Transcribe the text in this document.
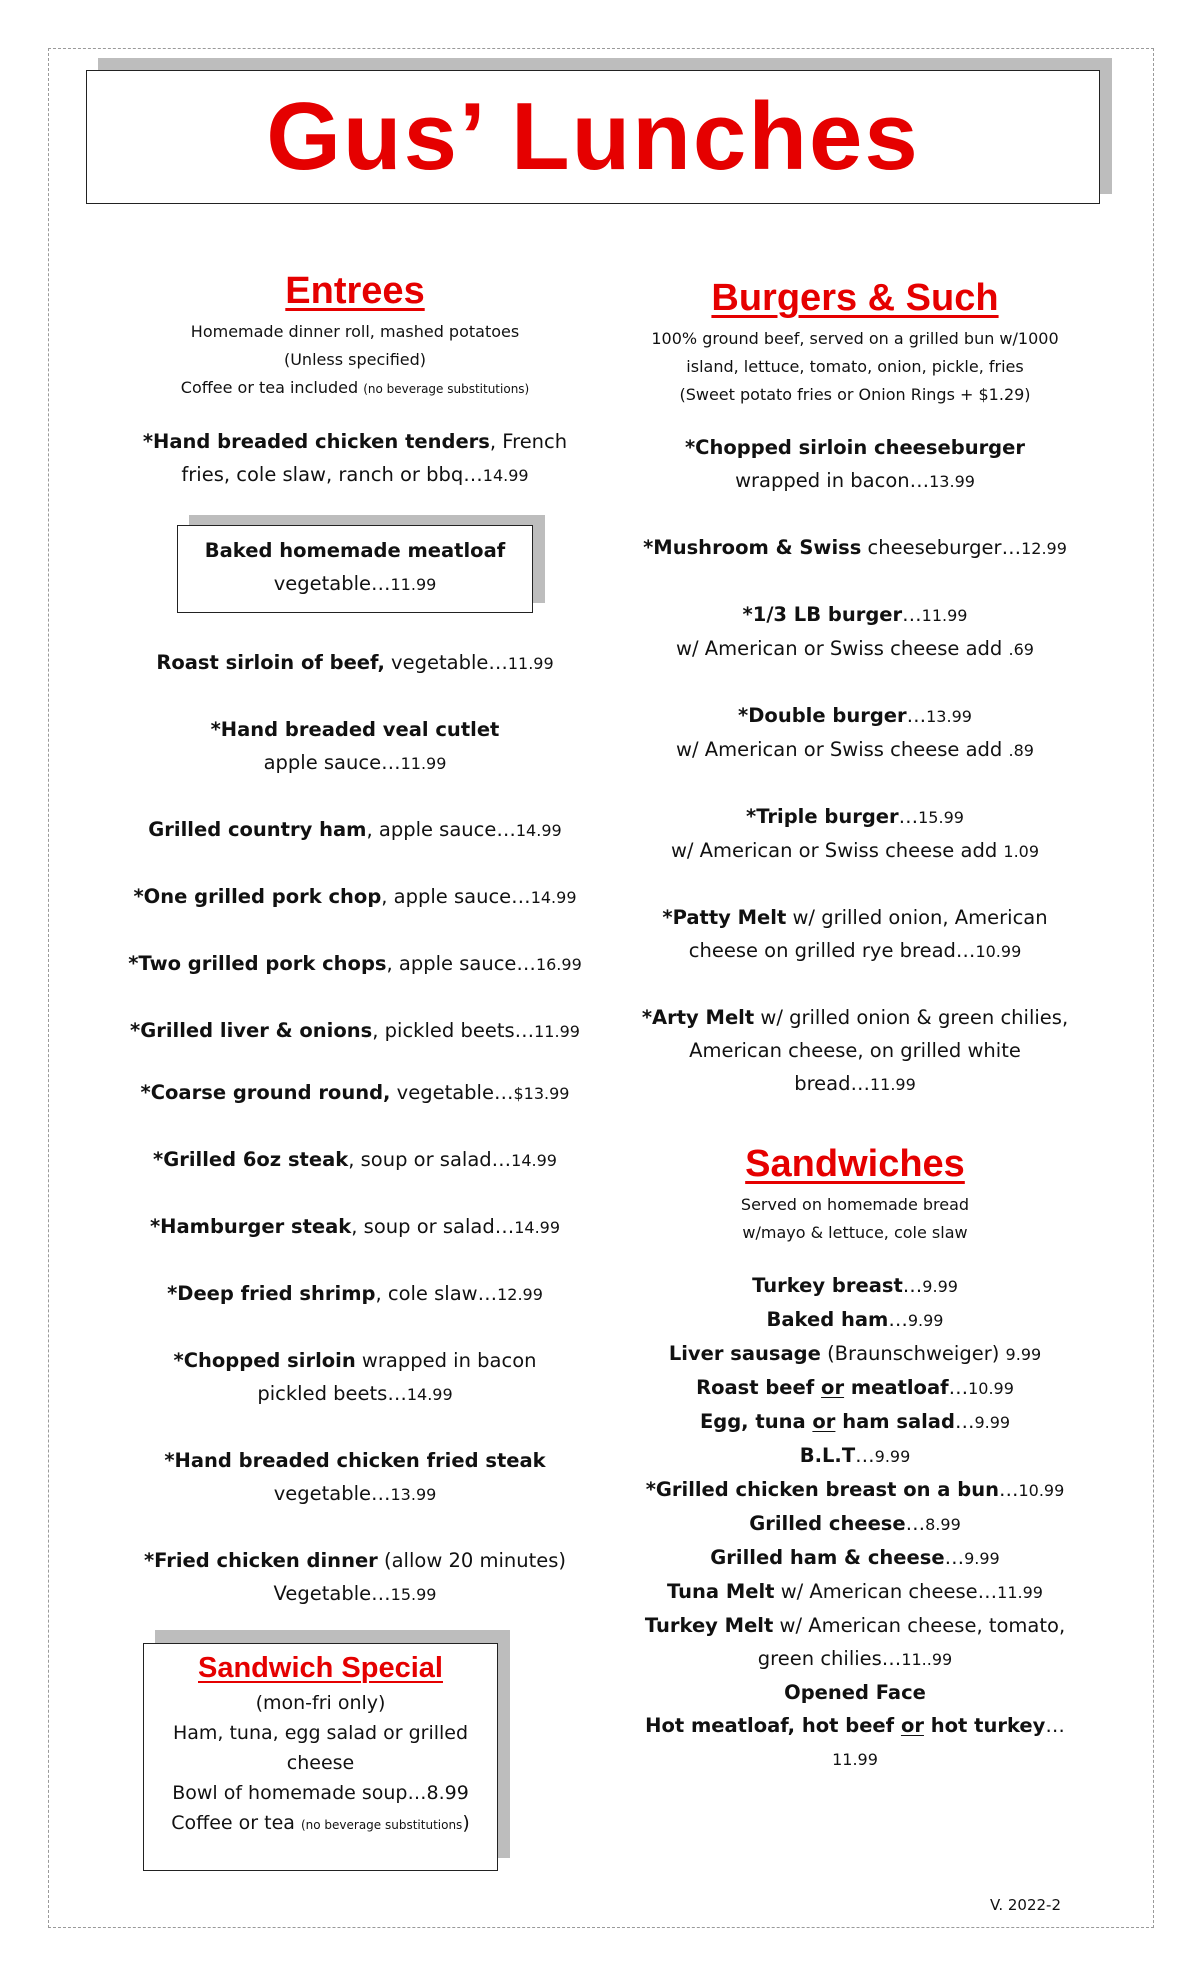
Gus’ Lunches
Entrees
Homemade dinner roll, mashed potatoes
(Unless specified)
Coffee or tea included (no beverage substitutions)
*Hand breaded chicken tenders, French
fries, cole slaw, ranch or bbq…14.99
Baked homemade meatloaf
vegetable…11.99
Roast sirloin of beef, vegetable…11.99
*Hand breaded veal cutlet
apple sauce…11.99
Grilled country ham, apple sauce…14.99
*One grilled pork chop, apple sauce…14.99
*Two grilled pork chops, apple sauce…16.99
*Grilled liver & onions, pickled beets…11.99
*Coarse ground round, vegetable…$13.99
*Grilled 6oz steak, soup or salad…14.99
*Hamburger steak, soup or salad…14.99
*Deep fried shrimp, cole slaw…12.99
*Chopped sirloin wrapped in bacon
pickled beets…14.99
*Hand breaded chicken fried steak
vegetable…13.99
*Fried chicken dinner (allow 20 minutes)
Vegetable…15.99
Sandwich Special
(mon-fri only)
Ham, tuna, egg salad or grilled
cheese
Bowl of homemade soup…8.99
Coffee or tea (no beverage substitutions)
Burgers & Such
100% ground beef, served on a grilled bun w/1000
island, lettuce, tomato, onion, pickle, fries
(Sweet potato fries or Onion Rings + $1.29)
*Chopped sirloin cheeseburger
wrapped in bacon…13.99
*Mushroom & Swiss cheeseburger…12.99
*1/3 LB burger…11.99
w/ American or Swiss cheese add .69
*Double burger…13.99
w/ American or Swiss cheese add .89
*Triple burger…15.99
w/ American or Swiss cheese add 1.09
*Patty Melt w/ grilled onion, American
cheese on grilled rye bread…10.99
*Arty Melt w/ grilled onion & green chilies,
American cheese, on grilled white
bread…11.99
Sandwiches
Served on homemade bread
w/mayo & lettuce, cole slaw
Turkey breast…9.99
Baked ham…9.99
Liver sausage (Braunschweiger) 9.99
Roast beef or meatloaf…10.99
Egg, tuna or ham salad…9.99
B.L.T…9.99
*Grilled chicken breast on a bun…10.99
Grilled cheese…8.99
Grilled ham & cheese…9.99
Tuna Melt w/ American cheese…11.99
Turkey Melt w/ American cheese, tomato,
green chilies…11..99
Opened Face
Hot meatloaf, hot beef or hot turkey…11.99
V. 2022-2
